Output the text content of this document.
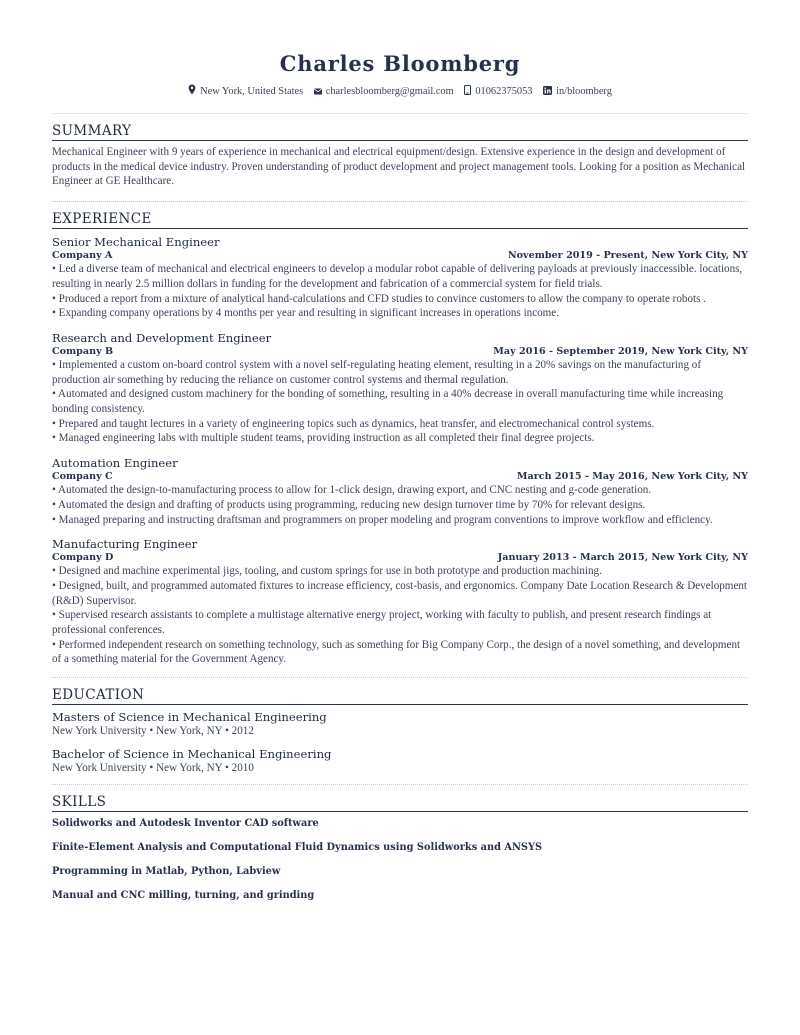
Charles Bloomberg
New York, United States charlesbloomberg@gmail.com 01062375053 in/bloomberg
SUMMARY
Mechanical Engineer with 9 years of experience in mechanical and electrical equipment/design. Extensive experience in the design and development of products in the medical device industry. Proven understanding of product development and project management tools. Looking for a position as Mechanical Engineer at GE Healthcare.
EXPERIENCE
Senior Mechanical Engineer
Company A	November 2019 - Present, New York City, NY
• Led a diverse team of mechanical and electrical engineers to develop a modular robot capable of delivering payloads at previously inaccessible. locations, resulting in nearly 2.5 million dollars in funding for the development and fabrication of a commercial system for field trials.
• Produced a report from a mixture of analytical hand-calculations and CFD studies to convince customers to allow the company to operate robots .
• Expanding company operations by 4 months per year and resulting in significant increases in operations income.
Research and Development Engineer
Company B	May 2016 - September 2019, New York City, NY
• Implemented a custom on-board control system with a novel self-regulating heating element, resulting in a 20% savings on the manufacturing of production air something by reducing the reliance on customer control systems and thermal regulation.
• Automated and designed custom machinery for the bonding of something, resulting in a 40% decrease in overall manufacturing time while increasing bonding consistency.
• Prepared and taught lectures in a variety of engineering topics such as dynamics, heat transfer, and electromechanical control systems.
• Managed engineering labs with multiple student teams, providing instruction as all completed their final degree projects.
Automation Engineer
Company C	March 2015 - May 2016, New York City, NY
• Automated the design-to-manufacturing process to allow for 1-click design, drawing export, and CNC nesting and g-code generation.
• Automated the design and drafting of products using programming, reducing new design turnover time by 70% for relevant designs.
• Managed preparing and instructing draftsman and programmers on proper modeling and program conventions to improve workflow and efficiency.
Manufacturing Engineer
Company D	January 2013 - March 2015, New York City, NY
• Designed and machine experimental jigs, tooling, and custom springs for use in both prototype and production machining.
• Designed, built, and programmed automated fixtures to increase efficiency, cost-basis, and ergonomics. Company Date Location Research & Development (R&D) Supervisor.
• Supervised research assistants to complete a multistage alternative energy project, working with faculty to publish, and present research findings at professional conferences.
• Performed independent research on something technology, such as something for Big Company Corp., the design of a novel something, and development of a something material for the Government Agency.
EDUCATION
Masters of Science in Mechanical Engineering
New York University • New York, NY • 2012
Bachelor of Science in Mechanical Engineering
New York University • New York, NY • 2010
SKILLS
Solidworks and Autodesk Inventor CAD software
Finite-Element Analysis and Computational Fluid Dynamics using Solidworks and ANSYS
Programming in Matlab, Python, Labview
Manual and CNC milling, turning, and grinding
